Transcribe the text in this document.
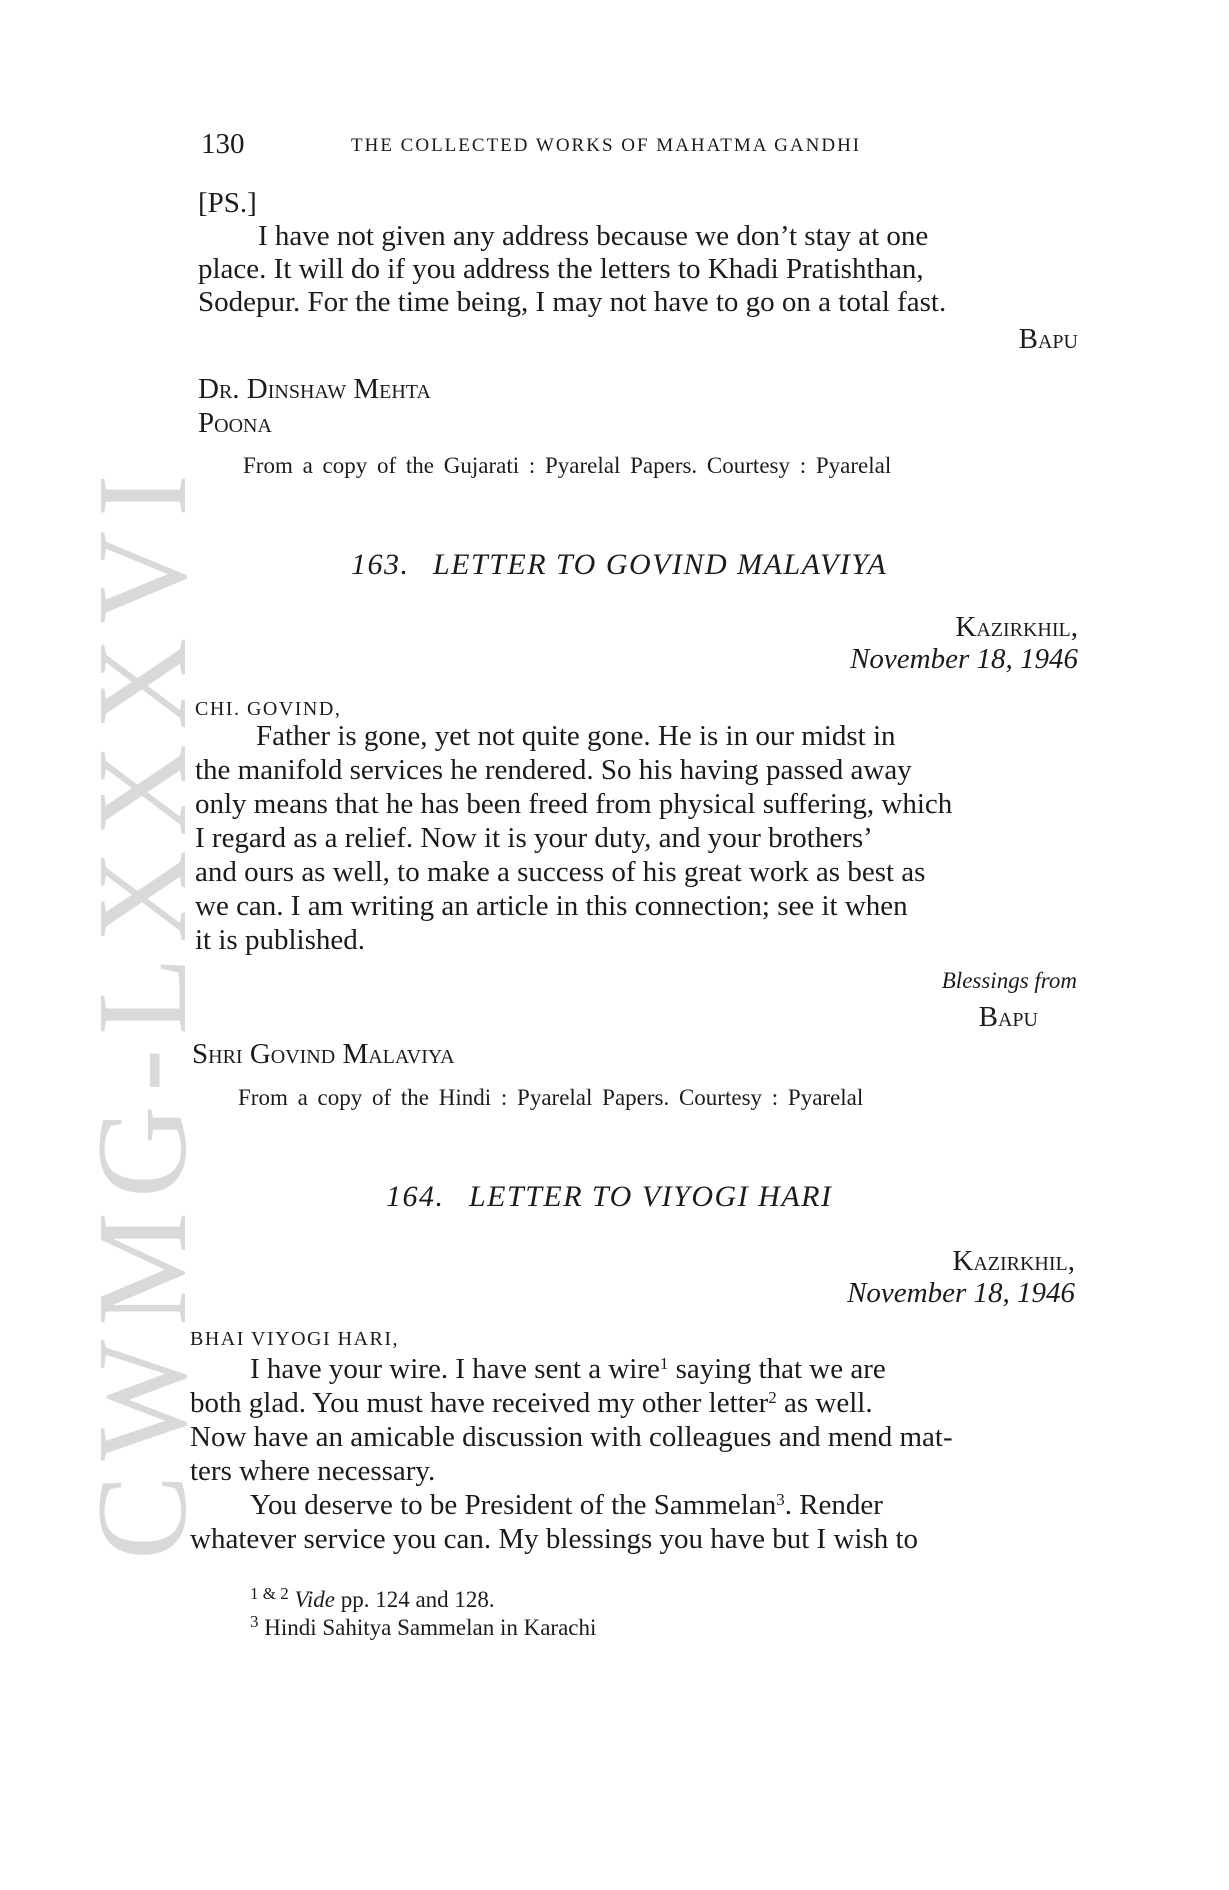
CWMG-LXXXVI
130	THE COLLECTED WORKS OF MAHATMA GANDHI
[PS.]
I have not given any address because we don’t stay at one
place. It will do if you address the letters to Khadi Pratishthan,
Sodepur. For the time being, I may not have to go on a total fast.
Bapu
Dr. Dinshaw Mehta
Poona
From a copy of the Gujarati : Pyarelal Papers. Courtesy : Pyarelal
163. LETTER TO GOVIND MALAVIYA
Kazirkhil,
November 18, 1946
CHI. GOVIND,
Father is gone, yet not quite gone. He is in our midst in
the manifold services he rendered. So his having passed away
only means that he has been freed from physical suffering, which
I regard as a relief. Now it is your duty, and your brothers’
and ours as well, to make a success of his great work as best as
we can. I am writing an article in this connection; see it when
it is published.
Blessings from
Bapu
Shri Govind Malaviya
From a copy of the Hindi : Pyarelal Papers. Courtesy : Pyarelal
164. LETTER TO VIYOGI HARI
Kazirkhil,
November 18, 1946
BHAI VIYOGI HARI,
I have your wire. I have sent a wire$^1$ saying that we are
both glad. You must have received my other letter$^2$ as well.
Now have an amicable discussion with colleagues and mend mat-
ters where necessary.
You deserve to be President of the Sammelan$^3$. Render
whatever service you can. My blessings you have but I wish to
$^{1 \& 2}$ Vide pp. 124 and 128.
$^3$ Hindi Sahitya Sammelan in Karachi
